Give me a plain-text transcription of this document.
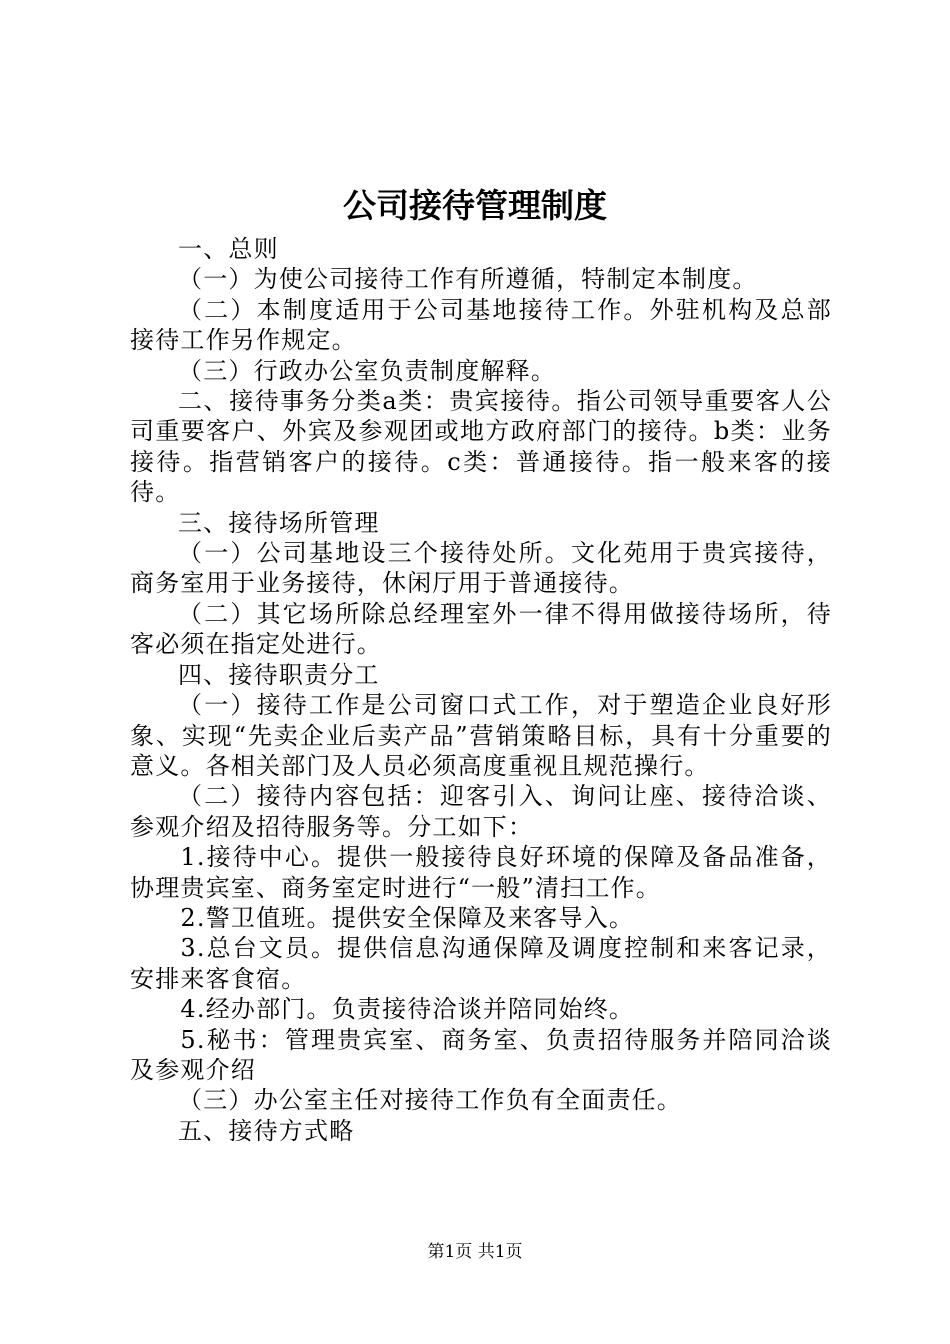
公司接待管理制度

一、总则

（一）为使公司接待工作有所遵循，特制定本制度。

（二）本制度适用于公司基地接待工作。外驻机构及总部接待工作另作规定。

（三）行政办公室负责制度解释。

二、接待事务分类a类：贵宾接待。指公司领导重要客人公司重要客户、外宾及参观团或地方政府部门的接待。b类：业务接待。指营销客户的接待。c类：普通接待。指一般来客的接待。

三、接待场所管理

（一）公司基地设三个接待处所。文化苑用于贵宾接待，商务室用于业务接待，休闲厅用于普通接待。

（二）其它场所除总经理室外一律不得用做接待场所，待客必须在指定处进行。

四、接待职责分工

（一）接待工作是公司窗口式工作，对于塑造企业良好形象、实现“先卖企业后卖产品”营销策略目标，具有十分重要的意义。各相关部门及人员必须高度重视且规范操行。

（二）接待内容包括：迎客引入、询问让座、接待洽谈、参观介绍及招待服务等。分工如下：

1.接待中心。提供一般接待良好环境的保障及备品准备，协理贵宾室、商务室定时进行“一般”清扫工作。

2.警卫值班。提供安全保障及来客导入。

3.总台文员。提供信息沟通保障及调度控制和来客记录，安排来客食宿。

4.经办部门。负责接待洽谈并陪同始终。

5.秘书：管理贵宾室、商务室、负责招待服务并陪同洽谈及参观介绍

（三）办公室主任对接待工作负有全面责任。

五、接待方式略

第1页 共1页
